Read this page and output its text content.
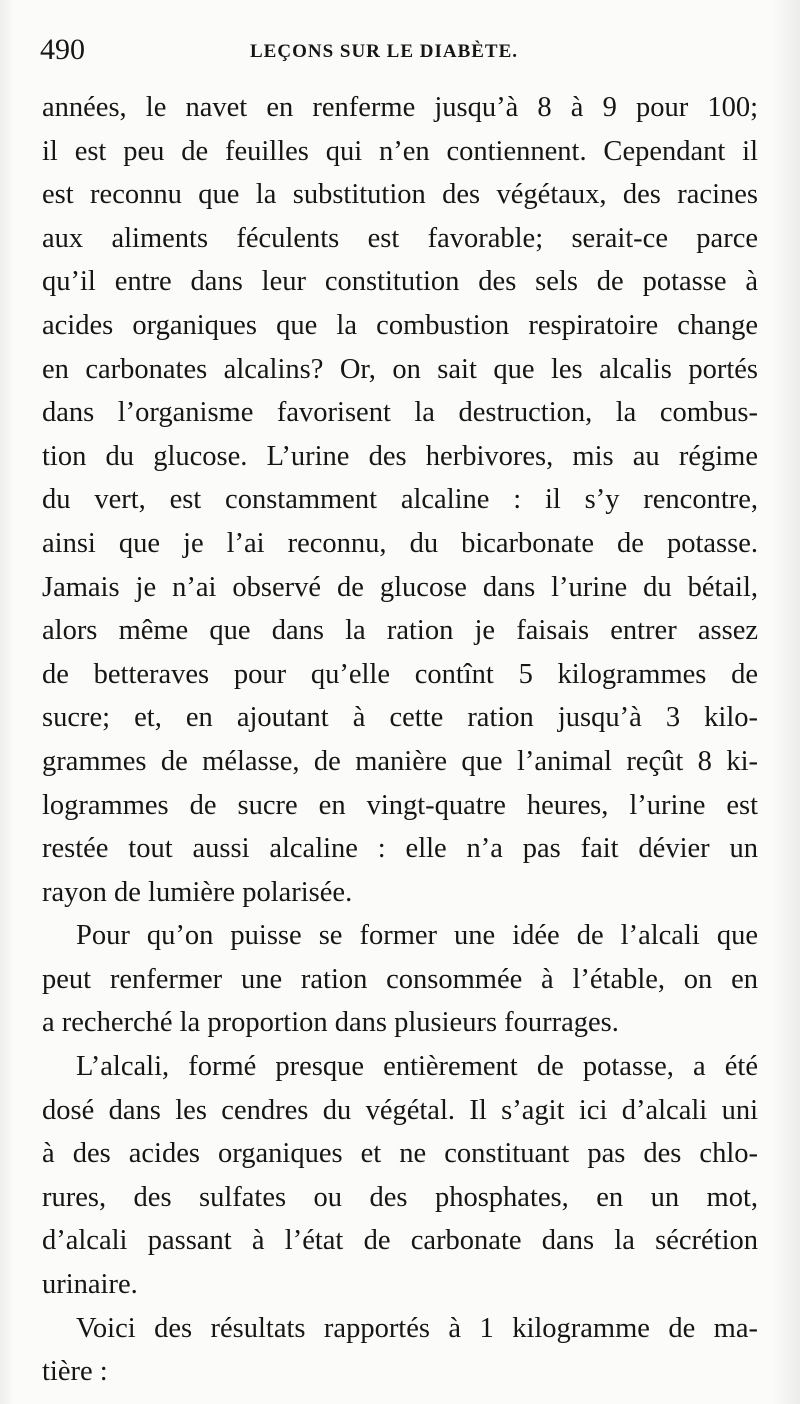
490	LEÇONS SUR LE DIABÈTE.
années, le navet en renferme jusqu’à 8 à 9 pour 100;
il est peu de feuilles qui n’en contiennent. Cependant il
est reconnu que la substitution des végétaux, des racines
aux aliments féculents est favorable; serait-ce parce
qu’il entre dans leur constitution des sels de potasse à
acides organiques que la combustion respiratoire change
en carbonates alcalins? Or, on sait que les alcalis portés
dans l’organisme favorisent la destruction, la combus-
tion du glucose. L’urine des herbivores, mis au régime
du vert, est constamment alcaline : il s’y rencontre,
ainsi que je l’ai reconnu, du bicarbonate de potasse.
Jamais je n’ai observé de glucose dans l’urine du bétail,
alors même que dans la ration je faisais entrer assez
de betteraves pour qu’elle contînt 5 kilogrammes de
sucre; et, en ajoutant à cette ration jusqu’à 3 kilo-
grammes de mélasse, de manière que l’animal reçût 8 ki-
logrammes de sucre en vingt-quatre heures, l’urine est
restée tout aussi alcaline : elle n’a pas fait dévier un
rayon de lumière polarisée.
Pour qu’on puisse se former une idée de l’alcali que
peut renfermer une ration consommée à l’étable, on en
a recherché la proportion dans plusieurs fourrages.
L’alcali, formé presque entièrement de potasse, a été
dosé dans les cendres du végétal. Il s’agit ici d’alcali uni
à des acides organiques et ne constituant pas des chlo-
rures, des sulfates ou des phosphates, en un mot,
d’alcali passant à l’état de carbonate dans la sécrétion
urinaire.
Voici des résultats rapportés à 1 kilogramme de ma-
tière :
